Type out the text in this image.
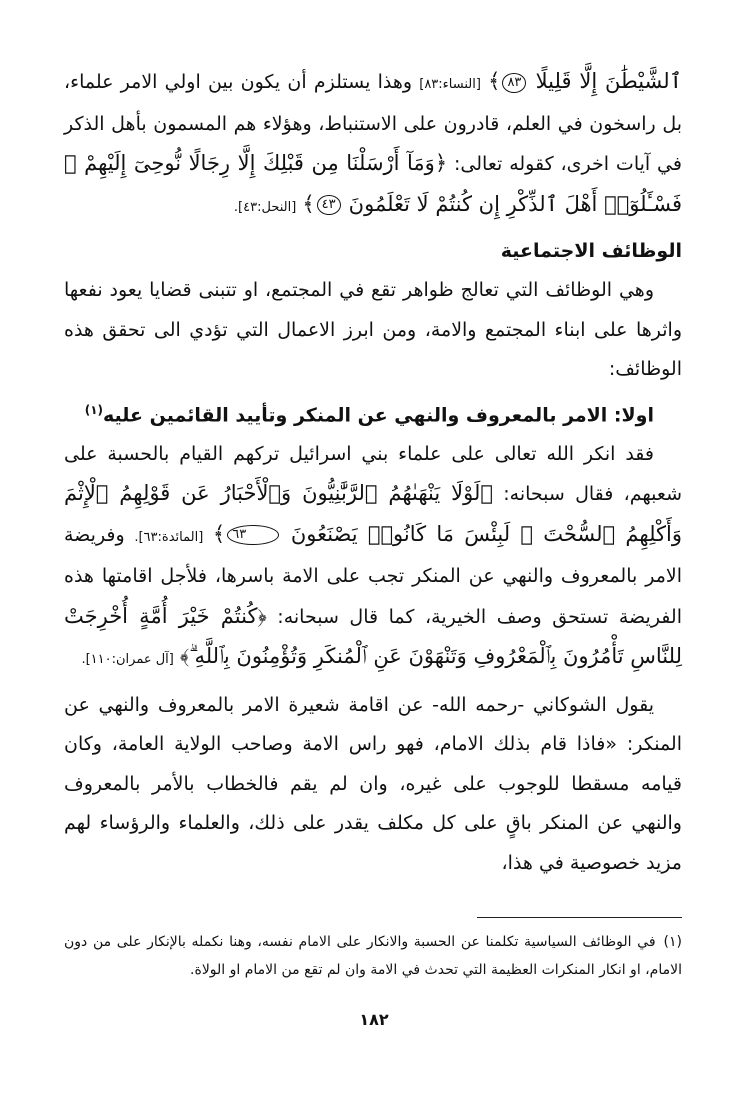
ٱلشَّيْطَٰنَ إِلَّا قَلِيلًا ٨٣﴾ [النساء:٨٣] وهذا يستلزم أن يكون بين اولي الامر علماء، بل راسخون في العلم، قادرون على الاستنباط، وهؤلاء هم المسمون بأهل الذكر في آيات اخرى، كقوله تعالى: ﴿وَمَآ أَرْسَلْنَا مِن قَبْلِكَ إِلَّا رِجَالًا نُّوحِىٓ إِلَيْهِمْ ۚ فَسْـَٔلُوٓا۟ أَهْلَ ٱلذِّكْرِ إِن كُنتُمْ لَا تَعْلَمُونَ ٤٣﴾ [النحل:٤٣].

الوظائف الاجتماعية

وهي الوظائف التي تعالج ظواهر تقع في المجتمع، او تتبنى قضايا يعود نفعها واثرها على ابناء المجتمع والامة، ومن ابرز الاعمال التي تؤدي الى تحقق هذه الوظائف:

اولا: الامر بالمعروف والنهي عن المنكر وتأييد القائمين عليه$^{(١)}$

فقد انكر الله تعالى على علماء بني اسرائيل تركهم القيام بالحسبة على شعبهم، فقال سبحانه: ﴿لَوْلَا يَنْهَىٰهُمُ ٱلرَّبَّٰنِيُّونَ وَٱلْأَحْبَارُ عَن قَوْلِهِمُ ٱلْإِثْمَ وَأَكْلِهِمُ ٱلسُّحْتَ ۚ لَبِئْسَ مَا كَانُوا۟ يَصْنَعُونَ ٦٣﴾ [المائدة:٦٣]. وفريضة الامر بالمعروف والنهي عن المنكر تجب على الامة باسرها، فلأجل اقامتها هذه الفريضة تستحق وصف الخيرية، كما قال سبحانه: ﴿كُنتُمْ خَيْرَ أُمَّةٍ أُخْرِجَتْ لِلنَّاسِ تَأْمُرُونَ بِٱلْمَعْرُوفِ وَتَنْهَوْنَ عَنِ ٱلْمُنكَرِ وَتُؤْمِنُونَ بِٱللَّهِ ۗ﴾ [آل عمران:١١٠].

يقول الشوكاني -رحمه الله- عن اقامة شعيرة الامر بالمعروف والنهي عن المنكر: «فاذا قام بذلك الامام، فهو راس الامة وصاحب الولاية العامة، وكان قيامه مسقطا للوجوب على غيره، وان لم يقم فالخطاب بالأمر بالمعروف والنهي عن المنكر باقٍ على كل مكلف يقدر على ذلك، والعلماء والرؤساء لهم مزيد خصوصية في هذا،

(١)في الوظائف السياسية تكلمنا عن الحسبة والانكار على الامام نفسه، وهنا نكمله بالإنكار على من دون الامام، او انكار المنكرات العظيمة التي تحدث في الامة وان لم تقع من الامام او الولاة.
١٨٢
